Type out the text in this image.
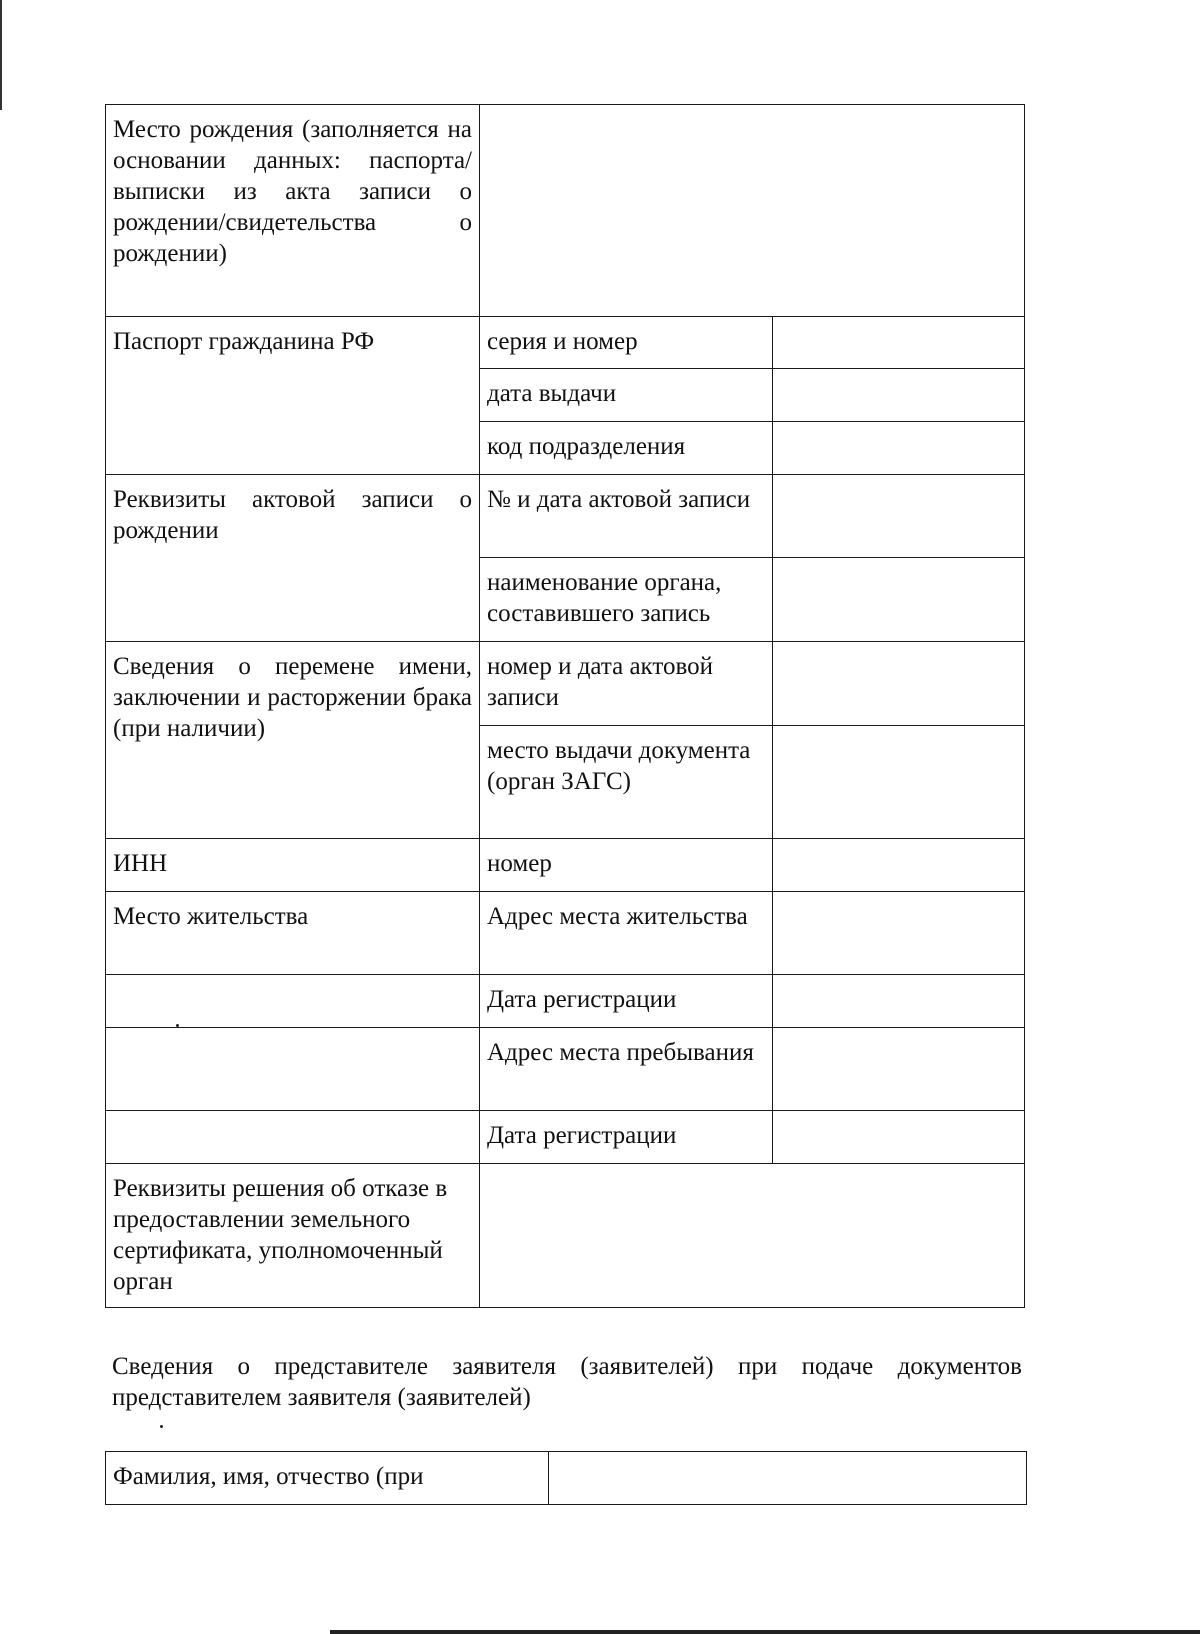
Место рождения (заполняется на основании данных: паспорта/выписки из акта записи о рождении/свидетельства о рождении)		
Паспорт гражданина РФ	серия и номер	
	дата выдачи	
	код подразделения	
Реквизиты актовой записи о рождении	№ и дата актовой записи	
	наименование органа, составившего запись	
Сведения о перемене имени, заключении и расторжении брака (при наличии)	номер и дата актовой записи	
	место выдачи документа (орган ЗАГС)	
ИНН	номер	
Место жительства	Адрес места жительства	
	Дата регистрации	
	Адрес места пребывания	
	Дата регистрации	
Реквизиты решения об отказе в предоставлении земельного сертификата, уполномоченный орган		
Сведения о представителе заявителя (заявителей) при подаче документов представителем заявителя (заявителей)
Фамилия, имя, отчество (при	
